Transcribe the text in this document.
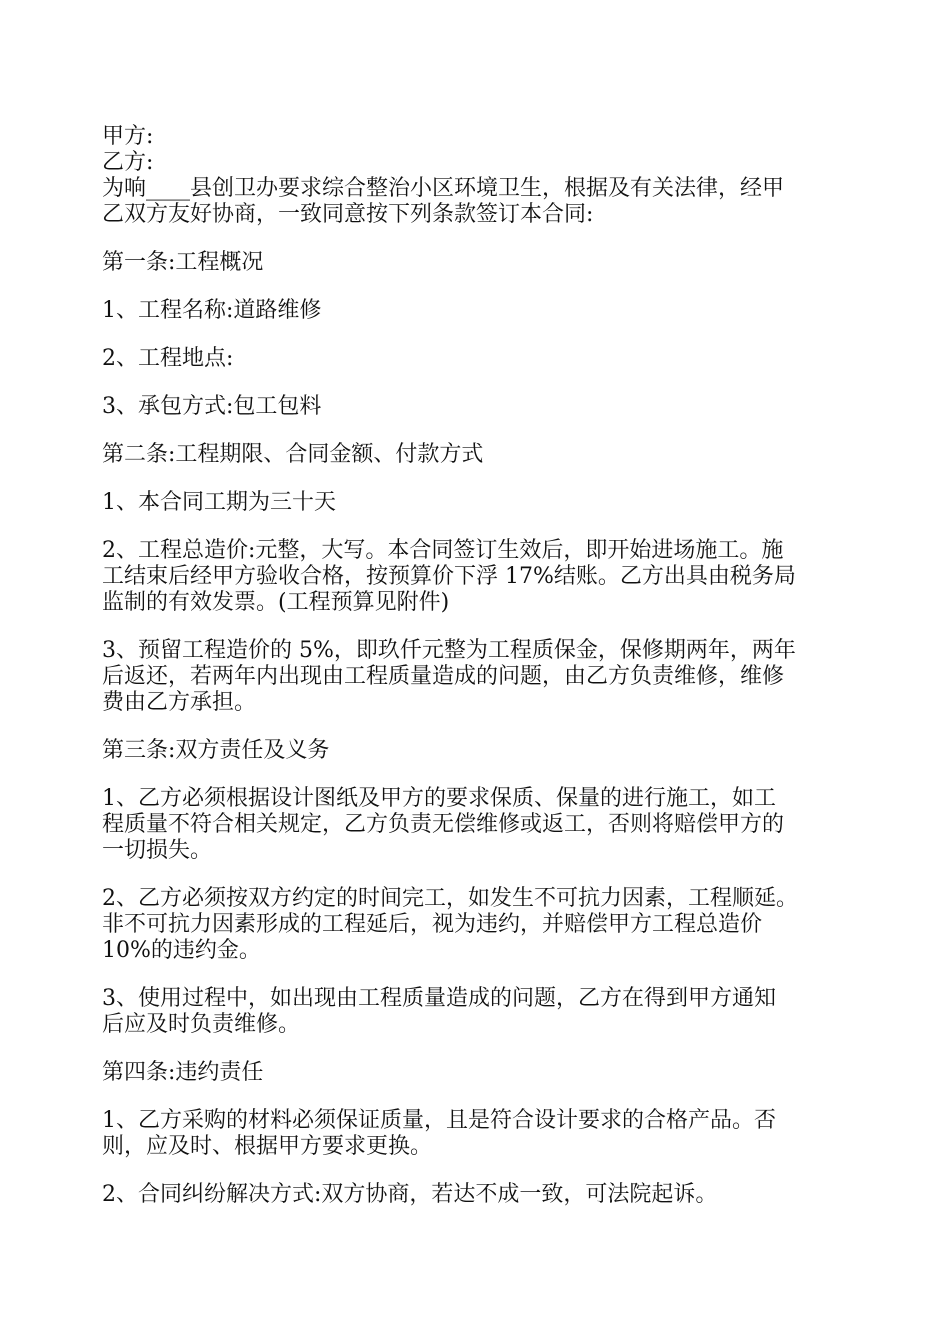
甲方:

乙方:

为响____县创卫办要求综合整治小区环境卫生，根据及有关法律，经甲

乙双方友好协商，一致同意按下列条款签订本合同:

第一条:工程概况

1、工程名称:道路维修

2、工程地点:

3、承包方式:包工包料

第二条:工程期限、合同金额、付款方式

1、本合同工期为三十天

2、工程总造价:元整，大写。本合同签订生效后，即开始进场施工。施

工结束后经甲方验收合格，按预算价下浮 17%结账。乙方出具由税务局

监制的有效发票。(工程预算见附件)

3、预留工程造价的 5%，即玖仟元整为工程质保金，保修期两年，两年

后返还，若两年内出现由工程质量造成的问题，由乙方负责维修，维修

费由乙方承担。

第三条:双方责任及义务

1、乙方必须根据设计图纸及甲方的要求保质、保量的进行施工，如工

程质量不符合相关规定，乙方负责无偿维修或返工，否则将赔偿甲方的

一切损失。

2、乙方必须按双方约定的时间完工，如发生不可抗力因素，工程顺延。

非不可抗力因素形成的工程延后，视为违约，并赔偿甲方工程总造价

10%的违约金。

3、使用过程中，如出现由工程质量造成的问题，乙方在得到甲方通知

后应及时负责维修。

第四条:违约责任

1、乙方采购的材料必须保证质量，且是符合设计要求的合格产品。否

则，应及时、根据甲方要求更换。

2、合同纠纷解决方式:双方协商，若达不成一致，可法院起诉。
